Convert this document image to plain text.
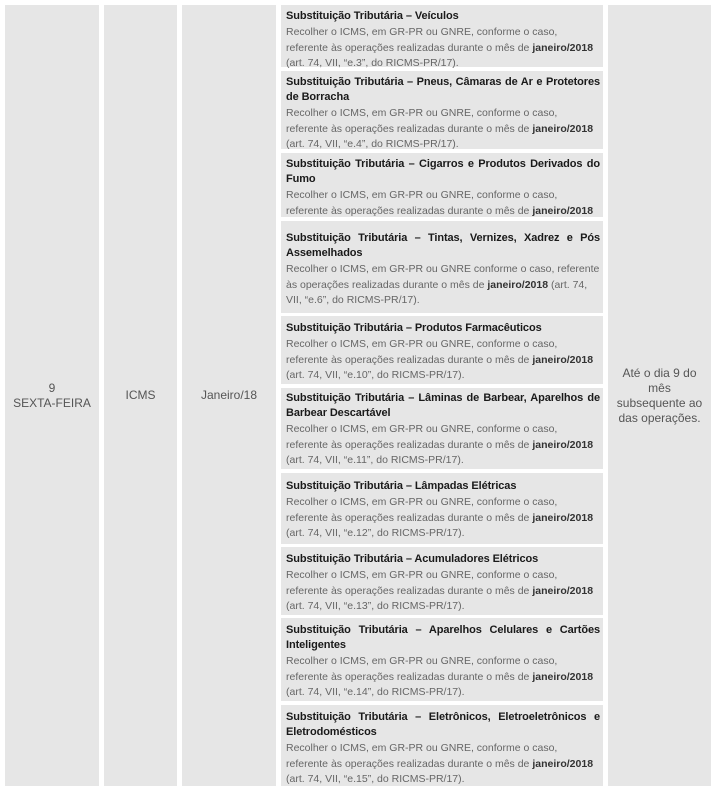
9
SEXTA-FEIRA
ICMS	Janeiro/18
Substituição Tributária – Veículos
Recolher o ICMS, em GR-PR ou GNRE, conforme o caso, referente às operações realizadas durante o mês de janeiro/2018 (art. 74, VII, “e.3”, do RICMS-PR/17).
Substituição Tributária – Pneus, Câmaras de Ar e Protetores de Borracha
Recolher o ICMS, em GR-PR ou GNRE, conforme o caso, referente às operações realizadas durante o mês de janeiro/2018 (art. 74, VII, “e.4”, do RICMS-PR/17).
Substituição Tributária – Cigarros e Produtos Derivados do Fumo
Recolher o ICMS, em GR-PR ou GNRE, conforme o caso, referente às operações realizadas durante o mês de janeiro/2018
Substituição Tributária – Tintas, Vernizes, Xadrez e Pós Assemelhados
Recolher o ICMS, em GR-PR ou GNRE conforme o caso, referente às operações realizadas durante o mês de janeiro/2018 (art. 74, VII, “e.6”, do RICMS-PR/17).
Substituição Tributária – Produtos Farmacêuticos
Recolher o ICMS, em GR-PR ou GNRE, conforme o caso, referente às operações realizadas durante o mês de janeiro/2018 (art. 74, VII, “e.10”, do RICMS-PR/17).
Substituição Tributária – Lâminas de Barbear, Aparelhos de Barbear Descartável
Recolher o ICMS, em GR-PR ou GNRE, conforme o caso, referente às operações realizadas durante o mês de janeiro/2018 (art. 74, VII, “e.11”, do RICMS-PR/17).
Substituição Tributária – Lâmpadas Elétricas
Recolher o ICMS, em GR-PR ou GNRE, conforme o caso, referente às operações realizadas durante o mês de janeiro/2018 (art. 74, VII, “e.12”, do RICMS-PR/17).
Substituição Tributária – Acumuladores Elétricos
Recolher o ICMS, em GR-PR ou GNRE, conforme o caso, referente às operações realizadas durante o mês de janeiro/2018 (art. 74, VII, “e.13”, do RICMS-PR/17).
Substituição Tributária – Aparelhos Celulares e Cartões Inteligentes
Recolher o ICMS, em GR-PR ou GNRE, conforme o caso, referente às operações realizadas durante o mês de janeiro/2018 (art. 74, VII, “e.14”, do RICMS-PR/17).
Substituição Tributária – Eletrônicos, Eletroeletrônicos e Eletrodomésticos
Recolher o ICMS, em GR-PR ou GNRE, conforme o caso, referente às operações realizadas durante o mês de janeiro/2018 (art. 74, VII, “e.15”, do RICMS-PR/17).
Até o dia 9 do mês subsequente ao das operações.
